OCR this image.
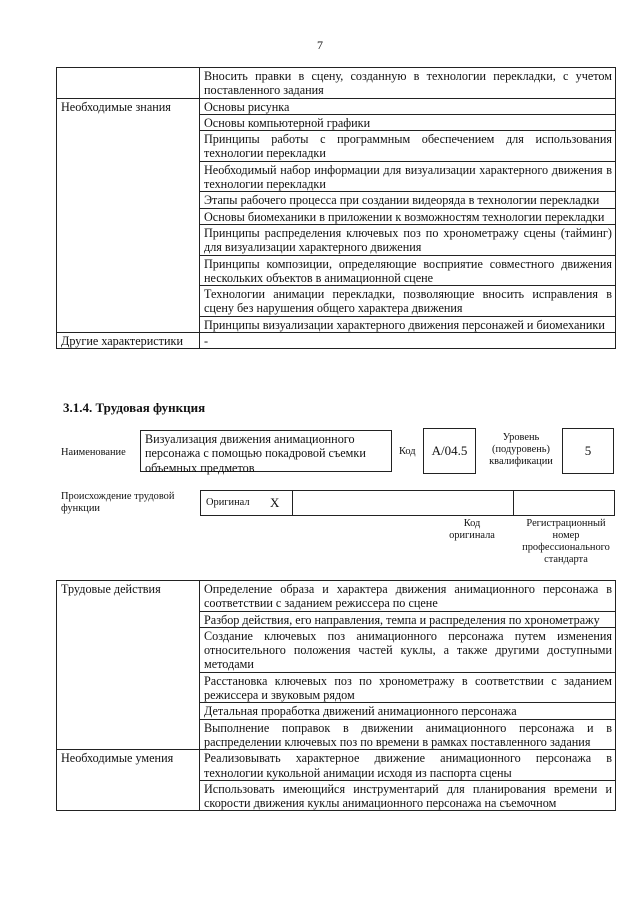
7
	Вносить правки в сцену, созданную в технологии перекладки, с учетом поставленного задания
Необходимые знания	Основы рисунка
	Основы компьютерной графики
	Принципы работы с программным обеспечением для использования технологии перекладки
	Необходимый набор информации для визуализации характерного движения в технологии перекладки
	Этапы рабочего процесса при создании видеоряда в технологии перекладки
	Основы биомеханики в приложении к возможностям технологии перекладки
	Принципы распределения ключевых поз по хронометражу сцены (тайминг) для визуализации характерного движения
	Принципы композиции, определяющие восприятие совместного движения нескольких объектов в анимационной сцене
	Технологии анимации перекладки, позволяющие вносить исправления в сцену без нарушения общего характера движения
	Принципы визуализации характерного движения персонажей и биомеханики
Другие характеристики	-
3.1.4. Трудовая функция
Наименование
Визуализация движения анимационного персонажа с помощью покадровой съемки объемных предметов
Код	А/04.5
Уровень (подуровень) квалификации
5
Происхождение трудовой функции
Оригинал X
Код оригинала
Регистрационный номер профессионального стандарта
Трудовые действия	Определение образа и характера движения анимационного персонажа в соответствии с заданием режиссера по сцене
	Разбор действия, его направления, темпа и распределения по хронометражу
	Создание ключевых поз анимационного персонажа путем изменения относительного положения частей куклы, а также другими доступными методами
	Расстановка ключевых поз по хронометражу в соответствии с заданием режиссера и звуковым рядом
	Детальная проработка движений анимационного персонажа
	Выполнение поправок в движении анимационного персонажа и в распределении ключевых поз по времени в рамках поставленного задания
Необходимые умения	Реализовывать характерное движение анимационного персонажа в технологии кукольной анимации исходя из паспорта сцены
	Использовать имеющийся инструментарий для планирования времени и скорости движения куклы анимационного персонажа на съемочном
